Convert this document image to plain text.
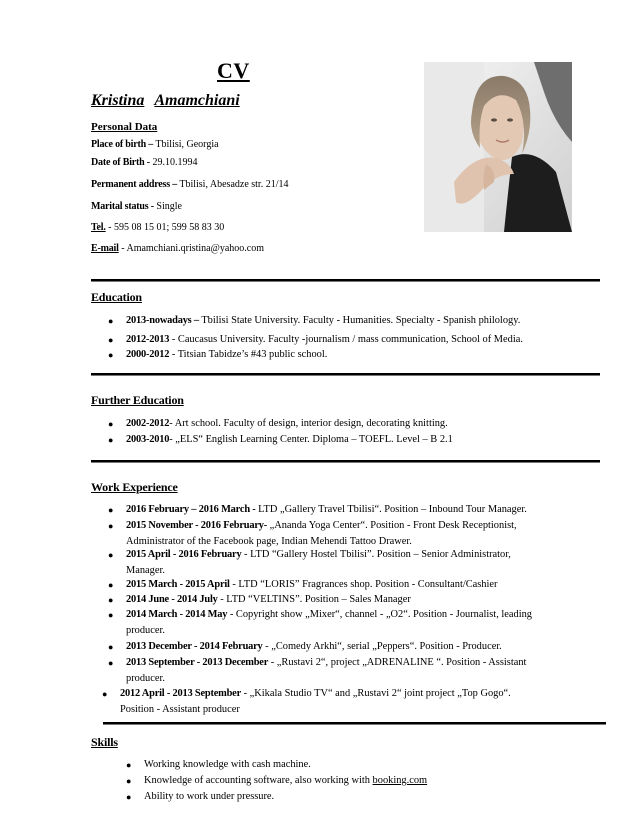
CV
Kristina Amamchiani
Personal Data
Place of birth – Tbilisi, Georgia
Date of Birth - 29.10.1994
Permanent address – Tbilisi, Abesadze str. 21/14
Marital status - Single
Tel. - 595 08 15 01; 599 58 83 30
E-mail - Amamchiani.qristina@yahoo.com
Education
● 2013-nowadays – Tbilisi State University. Faculty - Humanities. Specialty - Spanish philology.
● 2012-2013 - Caucasus University. Faculty -journalism / mass communication, School of Media.
● 2000-2012 - Titsian Tabidze’s #43 public school.
Further Education
● 2002-2012- Art school. Faculty of design, interior design, decorating knitting.
● 2003-2010- „ELS“ English Learning Center. Diploma – TOEFL. Level – B 2.1
Work Experience
● 2016 February – 2016 March - LTD „Gallery Travel Tbilisi“. Position – Inbound Tour Manager.
● 2015 November - 2016 February- „Ananda Yoga Center“. Position - Front Desk Receptionist,
Administrator of the Facebook page, Indian Mehendi Tattoo Drawer.
● 2015 April - 2016 February - LTD “Gallery Hostel Tbilisi”. Position – Senior Administrator,
Manager.
● 2015 March - 2015 April - LTD “LORIS” Fragrances shop. Position - Consultant/Cashier
● 2014 June - 2014 July - LTD “VELTINS”. Position – Sales Manager
● 2014 March - 2014 May - Copyright show „Mixer“, channel - „O2“. Position - Journalist, leading
producer.
● 2013 December - 2014 February - „Comedy Arkhi“, serial „Peppers“. Position - Producer.
● 2013 September - 2013 December - „Rustavi 2“, project „ADRENALINE “. Position - Assistant
producer.
● 2012 April - 2013 September - „Kikala Studio TV“ and „Rustavi 2“ joint project „Top Gogo“.
Position - Assistant producer
Skills
● Working knowledge with cash machine.
● Knowledge of accounting software, also working with booking.com
● Ability to work under pressure.
